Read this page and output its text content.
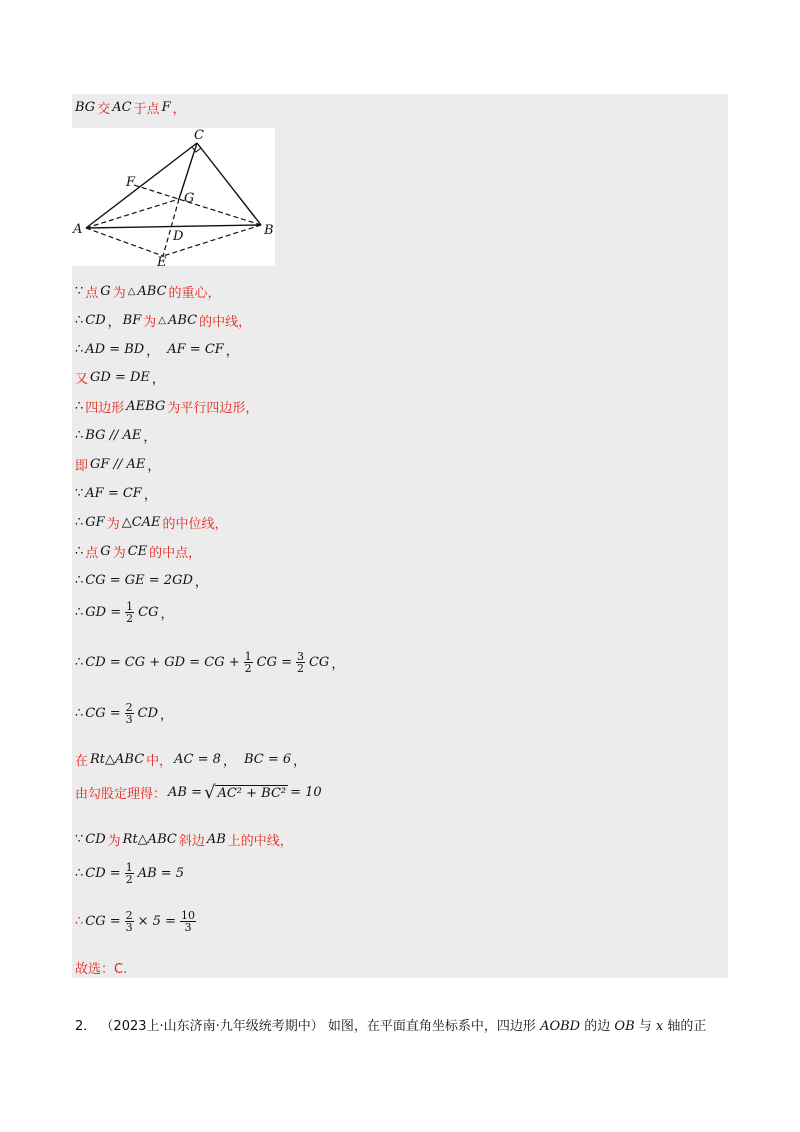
BG 交 AC 于点 F ，
C
F
G
A	B
D
E
∵ 点 G 为 △ ABC 的重心，
∴ CD ， BF 为 △ ABC 的中线，
∴ AD = BD ， AF = CF ，
又 GD = DE ，
∴ 四边形 AEBG 为平行四边形，
∴ BG // AE ，
即 GF // AE ，
∵ AF = CF ，
∴ GF 为 △CAE 的中位线，
∴ 点 G 为 CE 的中点，
∴ CG = GE = 2GD ，
∴ GD = $\frac{1}{2}$ CG ，
∴ CD = CG + GD = CG + $\frac{1}{2}$ CG = $\frac{3}{2}$ CG ，
∴ CG = $\frac{2}{3}$ CD ，
在 Rt△ABC 中， AC = 8 ， BC = 6 ，
由勾股定理得： AB = √ AC² + BC² = 10
∵ CD 为 Rt△ABC 斜边 AB 上的中线，
∴ CD = $\frac{1}{2}$ AB = 5
∴ CG = $\frac{2}{3} \times 5 = \frac{10}{3}$
故选：C.
2． （2023上·山东济南·九年级统考期中） 如图，在平面直角坐标系中，四边形 AOBD 的边 OB 与 x 轴的正
